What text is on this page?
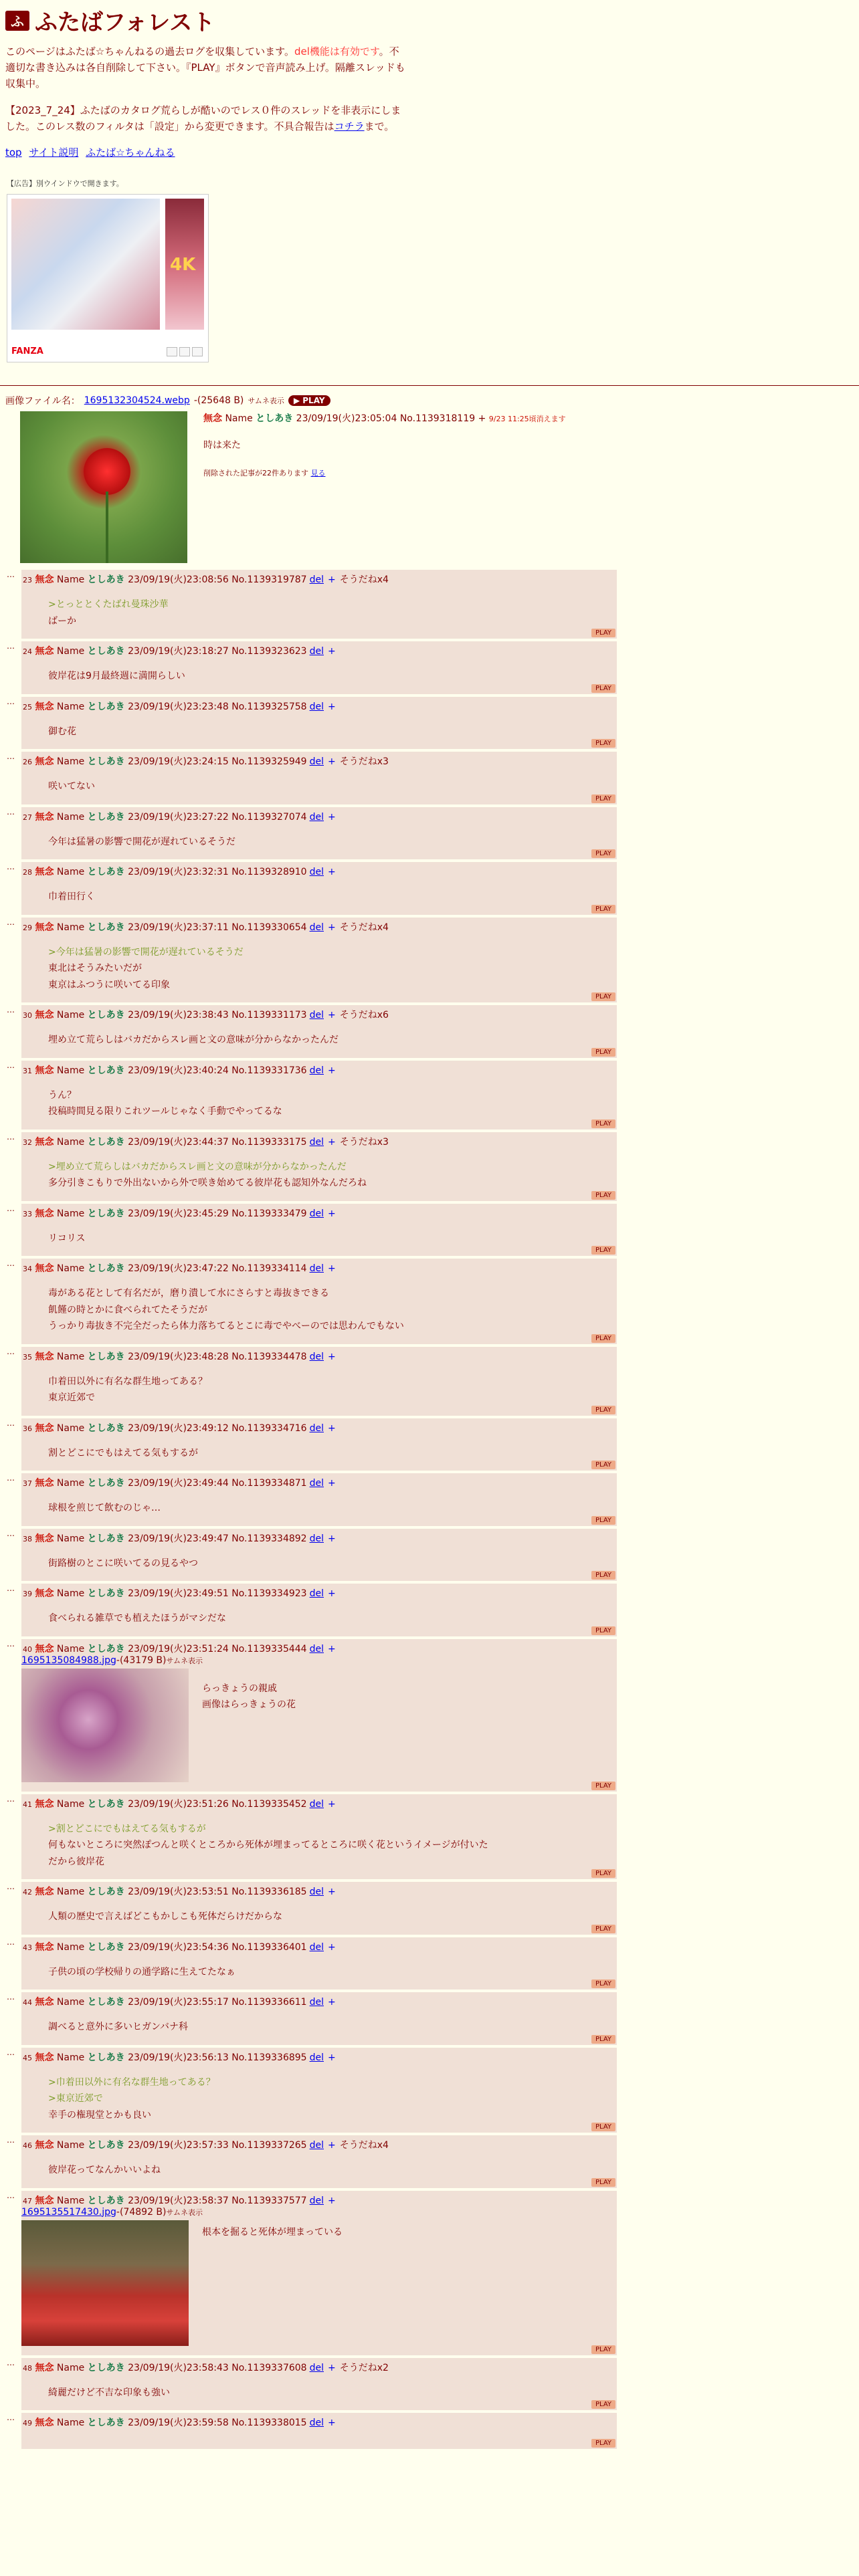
ふ ふたばフォレスト

このページはふたば☆ちゃんねるの過去ログを収集しています。del機能は有効です。不適切な書き込みは各自削除して下さい。『PLAY』ボタンで音声読み上げ。隔離スレッドも収集中。

【2023_7_24】ふたばのカタログ荒らしが酷いのでレス０件のスレッドを非表示にしました。このレス数のフィルタは「設定」から変更できます。不具合報告はコチラまで。

top サイト説明 ふたば☆ちゃんねる
【広告】別ウインドウで開きます。
4K
FANZA
画像ファイル名： 1695132304524.webp -(25648 B) サムネ表示	▶ PLAY
無念 Name としあき 23/09/19(火)23:05:04 No.1139318119 + 9/23 11:25頃消えます
時は来た
削除された記事が22件あります 見る
…
23 無念 Name としあき 23/09/19(火)23:08:56 No.1139319787 del + そうだねx4
>とっととくたばれ曼珠沙華
ばーか
PLAY
…
24 無念 Name としあき 23/09/19(火)23:18:27 No.1139323623 del +
彼岸花は9月最終週に満開らしい
PLAY
…
25 無念 Name としあき 23/09/19(火)23:23:48 No.1139325758 del +
御む花
PLAY
…
26 無念 Name としあき 23/09/19(火)23:24:15 No.1139325949 del + そうだねx3
咲いてない
PLAY
…
27 無念 Name としあき 23/09/19(火)23:27:22 No.1139327074 del +
今年は猛暑の影響で開花が遅れているそうだ
PLAY
…
28 無念 Name としあき 23/09/19(火)23:32:31 No.1139328910 del +
巾着田行く
PLAY
…
29 無念 Name としあき 23/09/19(火)23:37:11 No.1139330654 del + そうだねx4
>今年は猛暑の影響で開花が遅れているそうだ
東北はそうみたいだが
東京はふつうに咲いてる印象
PLAY
…
30 無念 Name としあき 23/09/19(火)23:38:43 No.1139331173 del + そうだねx6
埋め立て荒らしはバカだからスレ画と文の意味が分からなかったんだ
PLAY
…
31 無念 Name としあき 23/09/19(火)23:40:24 No.1139331736 del +
うん？
投稿時間見る限りこれツールじゃなく手動でやってるな
PLAY
…
32 無念 Name としあき 23/09/19(火)23:44:37 No.1139333175 del + そうだねx3
>埋め立て荒らしはバカだからスレ画と文の意味が分からなかったんだ
多分引きこもりで外出ないから外で咲き始めてる彼岸花も認知外なんだろね
PLAY
…
33 無念 Name としあき 23/09/19(火)23:45:29 No.1139333479 del +
リコリス
PLAY
…
34 無念 Name としあき 23/09/19(火)23:47:22 No.1139334114 del +
毒がある花として有名だが，磨り潰して水にさらすと毒抜きできる
飢饉の時とかに食べられてたそうだが
うっかり毒抜き不完全だったら体力落ちてるとこに毒でやべーのでは思わんでもない
PLAY
…
35 無念 Name としあき 23/09/19(火)23:48:28 No.1139334478 del +
巾着田以外に有名な群生地ってある？
東京近郊で
PLAY
…
36 無念 Name としあき 23/09/19(火)23:49:12 No.1139334716 del +
割とどこにでもはえてる気もするが
PLAY
…
37 無念 Name としあき 23/09/19(火)23:49:44 No.1139334871 del +
球根を煎じて飲むのじゃ…
PLAY
…
38 無念 Name としあき 23/09/19(火)23:49:47 No.1139334892 del +
街路樹のとこに咲いてるの見るやつ
PLAY
…
39 無念 Name としあき 23/09/19(火)23:49:51 No.1139334923 del +
食べられる雑草でも植えたほうがマシだな
PLAY
…
40 無念 Name としあき 23/09/19(火)23:51:24 No.1139335444 del +
1695135084988.jpg-(43179 B)サムネ表示
らっきょうの親戚
画像はらっきょうの花
PLAY
…
41 無念 Name としあき 23/09/19(火)23:51:26 No.1139335452 del +
>割とどこにでもはえてる気もするが
何もないところに突然ぽつんと咲くところから死体が埋まってるところに咲く花というイメージが付いた
だから彼岸花
PLAY
…
42 無念 Name としあき 23/09/19(火)23:53:51 No.1139336185 del +
人類の歴史で言えばどこもかしこも死体だらけだからな
PLAY
…
43 無念 Name としあき 23/09/19(火)23:54:36 No.1139336401 del +
子供の頃の学校帰りの通学路に生えてたなぁ
PLAY
…
44 無念 Name としあき 23/09/19(火)23:55:17 No.1139336611 del +
調べると意外に多いヒガンバナ科
PLAY
…
45 無念 Name としあき 23/09/19(火)23:56:13 No.1139336895 del +
>巾着田以外に有名な群生地ってある？
>東京近郊で
幸手の権現堂とかも良い
PLAY
…
46 無念 Name としあき 23/09/19(火)23:57:33 No.1139337265 del + そうだねx4
彼岸花ってなんかいいよね
PLAY
…
47 無念 Name としあき 23/09/19(火)23:58:37 No.1139337577 del +
1695135517430.jpg-(74892 B)サムネ表示
根本を掘ると死体が埋まっている
PLAY
…
48 無念 Name としあき 23/09/19(火)23:58:43 No.1139337608 del + そうだねx2
綺麗だけど不吉な印象も強い
PLAY
…
49 無念 Name としあき 23/09/19(火)23:59:58 No.1139338015 del +
PLAY
